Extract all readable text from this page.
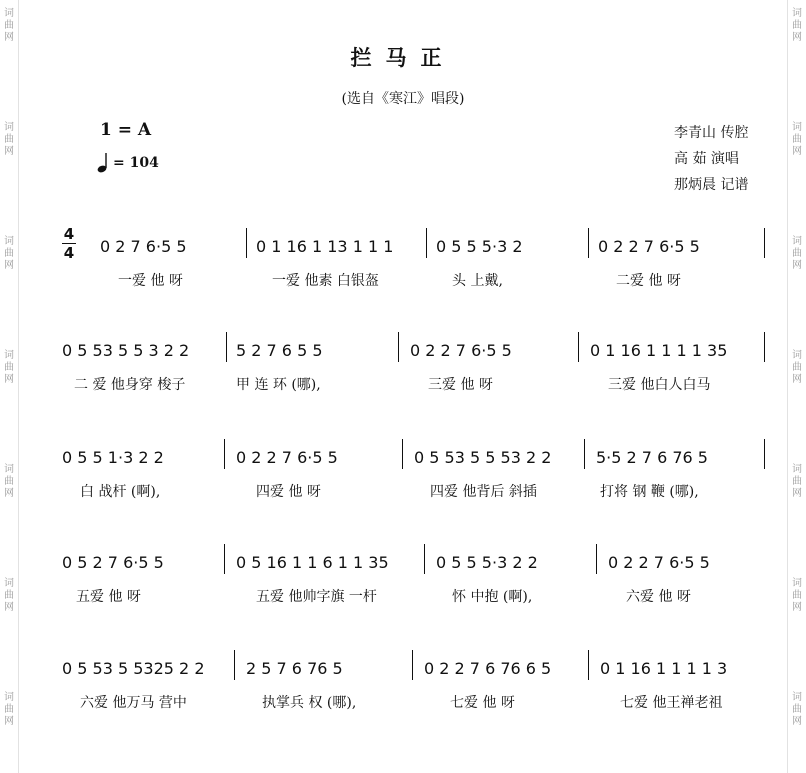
词曲网
词曲网
词曲网
词曲网
词曲网
词曲网
词曲网
词曲网
词曲网
词曲网
词曲网
词曲网
词曲网
词曲网
拦马正
(选自《寒江》唱段)
1 = A
= 104
李青山 传腔
高 茹 演唱
那炳晨 记谱
4
4 0 2 7 6·5 5	0 1 16 1 13 1 1 1	0 5 5 5·3 2	0 2 2 7 6·5 5
一爱 他 呀	一爱 他素 白银盔	头 上戴,	二爱 他 呀
0 5 53 5 5 3 2 2	5 2 7 6 5 5	0 2 2 7 6·5 5	0 1 16 1 1 1 1 35
二 爱 他身穿 梭子	甲 连 环 (哪),	三爱 他 呀	三爱 他白人白马
0 5 5 1·3 2 2	0 2 2 7 6·5 5	0 5 53 5 5 53 2 2	5·5 2 7 6 76 5
白 战杆 (啊),	四爱 他 呀	四爱 他背后 斜插	打将 钢 鞭 (哪),
0 5 2 7 6·5 5	0 5 16 1 1 6 1 1 35	0 5 5 5·3 2 2	0 2 2 7 6·5 5
五爱 他 呀	五爱 他帅字旗 一杆	怀 中抱 (啊),	六爱 他 呀
0 5 53 5 5325 2 2	2 5 7 6 76 5	0 2 2 7 6 76 6 5	0 1 16 1 1 1 1 3
六爱 他万马 营中	执掌兵 权 (哪),	七爱 他 呀	七爱 他王禅老祖
